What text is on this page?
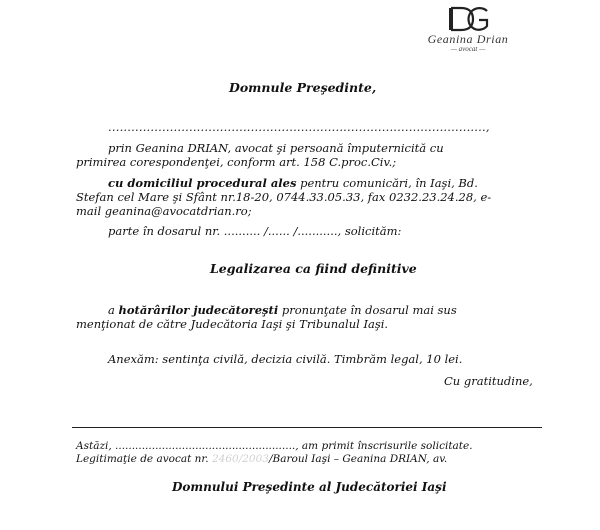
Geanina Drian
— avocat —
Domnule Preşedinte,
..................................................................................................,
prin Geanina DRIAN, avocat şi persoană împuternicită cu
primirea corespondenţei, conform art. 158 C.proc.Civ.;
cu domiciliul procedural ales pentru comunicări, în Iaşi, Bd.
Stefan cel Mare şi Sfânt nr.18-20, 0744.33.05.33, fax 0232.23.24.28, e-
mail geanina@avocatdrian.ro;
parte în dosarul nr. .......... /...... /..........., solicităm:
Legalizarea ca fiind definitive
a hotărârilor judecătoreşti pronunţate în dosarul mai sus
menţionat de către Judecătoria Iaşi şi Tribunalul Iaşi.
Anexăm: sentinţa civilă, decizia civilă. Timbrăm legal, 10 lei.
Cu gratitudine,
Astăzi, ......................................................, am primit înscrisurile solicitate.
Legitimaţie de avocat nr. 2460/2003/Baroul Iaşi – Geanina DRIAN, av.
Domnului Preşedinte al Judecătoriei Iaşi
